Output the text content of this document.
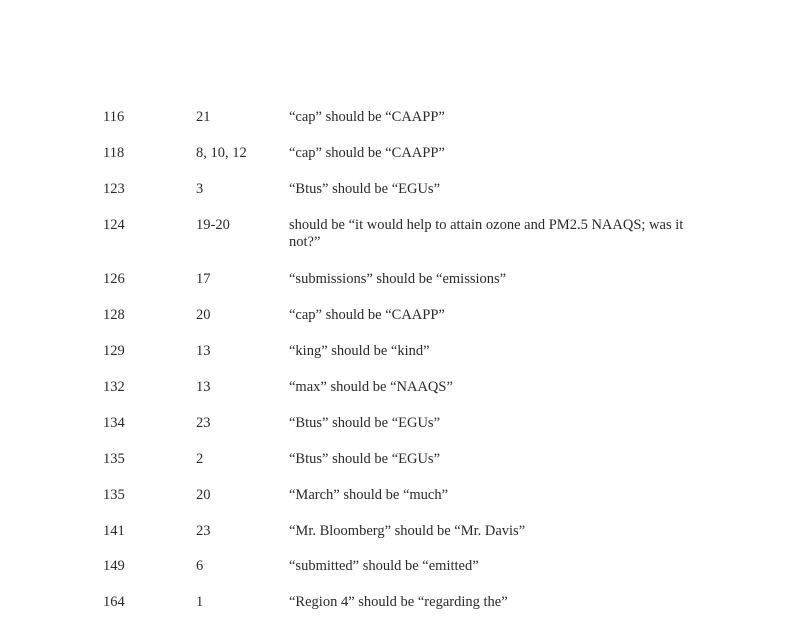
116	21	“cap” should be “CAAPP”
118	8, 10, 12	“cap” should be “CAAPP”
123	3	“Btus” should be “EGUs”
124	19-20	should be “it would help to attain ozone and PM2.5 NAAQS; was it not?”
126	17	“submissions” should be “emissions”
128	20	“cap” should be “CAAPP”
129	13	“king” should be “kind”
132	13	“max” should be “NAAQS”
134	23	“Btus” should be “EGUs”
135	2	“Btus” should be “EGUs”
135	20	“March” should be “much”
141	23	“Mr. Bloomberg” should be “Mr. Davis”
149	6	“submitted” should be “emitted”
164	1	“Region 4” should be “regarding the”
